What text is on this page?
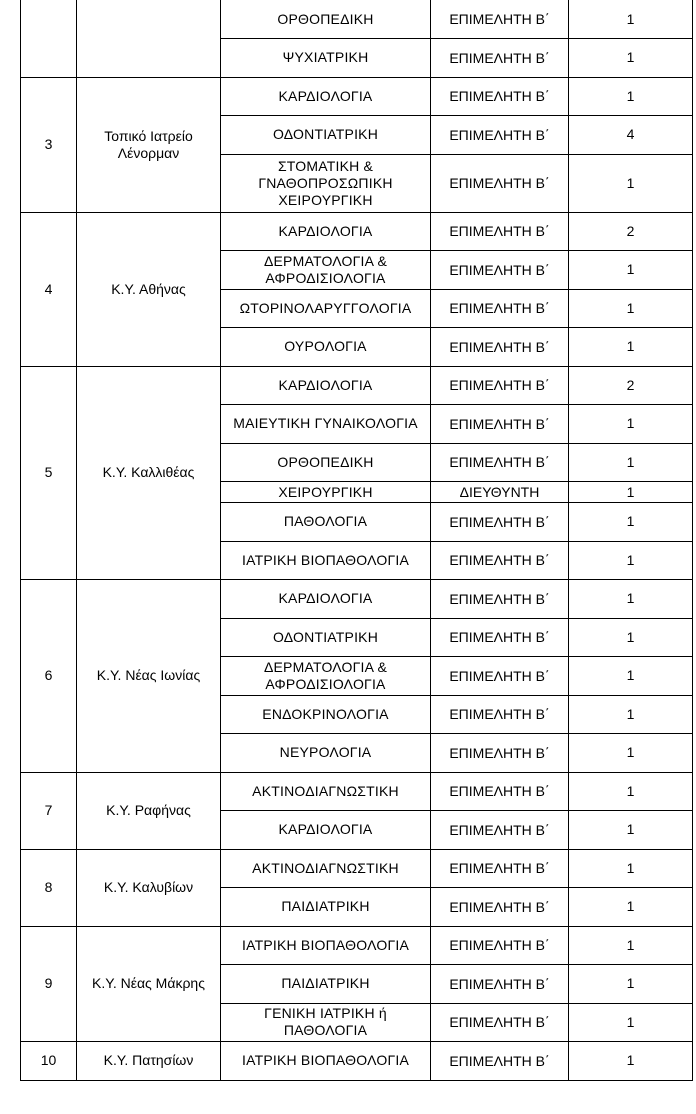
		ΟΡΘΟΠΕΔΙΚΗ	ΕΠΙΜΕΛΗΤΗ Β΄	1
		ΨΥΧΙΑΤΡΙΚΗ	ΕΠΙΜΕΛΗΤΗ Β΄	1
3	Τοπικό Ιατρείο Λένορμαν	ΚΑΡΔΙΟΛΟΓΙΑ	ΕΠΙΜΕΛΗΤΗ Β΄	1
		ΟΔΟΝΤΙΑΤΡΙΚΗ	ΕΠΙΜΕΛΗΤΗ Β΄	4
		ΣΤΟΜΑΤΙΚΗ & ΓΝΑΘΟΠΡΟΣΩΠΙΚΗ ΧΕΙΡΟΥΡΓΙΚΗ	ΕΠΙΜΕΛΗΤΗ Β΄	1
4	Κ.Υ. Αθήνας	ΚΑΡΔΙΟΛΟΓΙΑ	ΕΠΙΜΕΛΗΤΗ Β΄	2
		ΔΕΡΜΑΤΟΛΟΓΙΑ & ΑΦΡΟΔΙΣΙΟΛΟΓΙΑ	ΕΠΙΜΕΛΗΤΗ Β΄	1
		ΩΤΟΡΙΝΟΛΑΡΥΓΓΟΛΟΓΙΑ	ΕΠΙΜΕΛΗΤΗ Β΄	1
		ΟΥΡΟΛΟΓΙΑ	ΕΠΙΜΕΛΗΤΗ Β΄	1
5	Κ.Υ. Καλλιθέας	ΚΑΡΔΙΟΛΟΓΙΑ	ΕΠΙΜΕΛΗΤΗ Β΄	2
		ΜΑΙΕΥΤΙΚΗ ΓΥΝΑΙΚΟΛΟΓΙΑ	ΕΠΙΜΕΛΗΤΗ Β΄	1
		ΟΡΘΟΠΕΔΙΚΗ	ΕΠΙΜΕΛΗΤΗ Β΄	1
		ΧΕΙΡΟΥΡΓΙΚΗ	ΔΙΕΥΘΥΝΤΗ	1
		ΠΑΘΟΛΟΓΙΑ	ΕΠΙΜΕΛΗΤΗ Β΄	1
		ΙΑΤΡΙΚΗ ΒΙΟΠΑΘΟΛΟΓΙΑ	ΕΠΙΜΕΛΗΤΗ Β΄	1
6	Κ.Υ. Νέας Ιωνίας	ΚΑΡΔΙΟΛΟΓΙΑ	ΕΠΙΜΕΛΗΤΗ Β΄	1
		ΟΔΟΝΤΙΑΤΡΙΚΗ	ΕΠΙΜΕΛΗΤΗ Β΄	1
		ΔΕΡΜΑΤΟΛΟΓΙΑ & ΑΦΡΟΔΙΣΙΟΛΟΓΙΑ	ΕΠΙΜΕΛΗΤΗ Β΄	1
		ΕΝΔΟΚΡΙΝΟΛΟΓΙΑ	ΕΠΙΜΕΛΗΤΗ Β΄	1
		ΝΕΥΡΟΛΟΓΙΑ	ΕΠΙΜΕΛΗΤΗ Β΄	1
7	Κ.Υ. Ραφήνας	ΑΚΤΙΝΟΔΙΑΓΝΩΣΤΙΚΗ	ΕΠΙΜΕΛΗΤΗ Β΄	1
		ΚΑΡΔΙΟΛΟΓΙΑ	ΕΠΙΜΕΛΗΤΗ Β΄	1
8	Κ.Υ. Καλυβίων	ΑΚΤΙΝΟΔΙΑΓΝΩΣΤΙΚΗ	ΕΠΙΜΕΛΗΤΗ Β΄	1
		ΠΑΙΔΙΑΤΡΙΚΗ	ΕΠΙΜΕΛΗΤΗ Β΄	1
9	Κ.Υ. Νέας Μάκρης	ΙΑΤΡΙΚΗ ΒΙΟΠΑΘΟΛΟΓΙΑ	ΕΠΙΜΕΛΗΤΗ Β΄	1
		ΠΑΙΔΙΑΤΡΙΚΗ	ΕΠΙΜΕΛΗΤΗ Β΄	1
		ΓΕΝΙΚΗ ΙΑΤΡΙΚΗ ή ΠΑΘΟΛΟΓΙΑ	ΕΠΙΜΕΛΗΤΗ Β΄	1
10	Κ.Υ. Πατησίων	ΙΑΤΡΙΚΗ ΒΙΟΠΑΘΟΛΟΓΙΑ	ΕΠΙΜΕΛΗΤΗ Β΄	1
